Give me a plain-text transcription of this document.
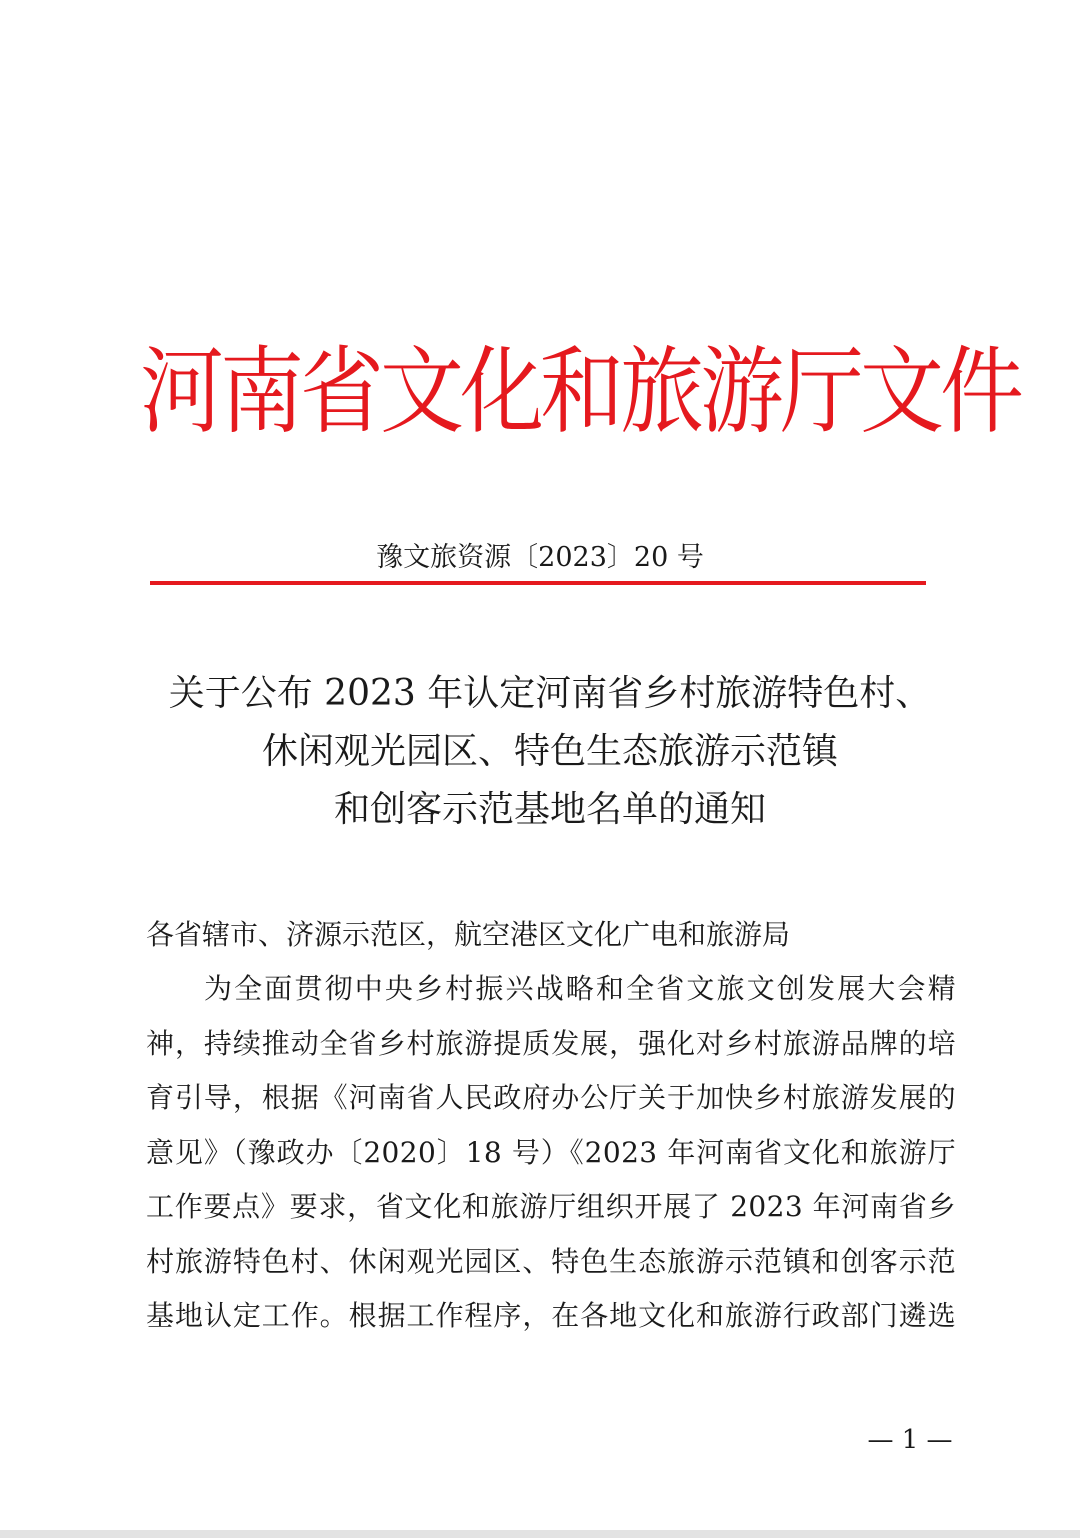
河南省文化和旅游厅文件
豫文旅资源〔2023〕20 号
关于公布 2023 年认定河南省乡村旅游特色村、
休闲观光园区、特色生态旅游示范镇
和创客示范基地名单的通知
各省辖市、济源示范区，航空港区文化广电和旅游局
为全面贯彻中央乡村振兴战略和全省文旅文创发展大会精
神，持续推动全省乡村旅游提质发展，强化对乡村旅游品牌的培
育引导，根据《河南省人民政府办公厅关于加快乡村旅游发展的
意见》（豫政办〔2020〕18 号）《2023 年河南省文化和旅游厅
工作要点》要求，省文化和旅游厅组织开展了 2023 年河南省乡
村旅游特色村、休闲观光园区、特色生态旅游示范镇和创客示范
基地认定工作。根据工作程序，在各地文化和旅游行政部门遴选
— 1 —
